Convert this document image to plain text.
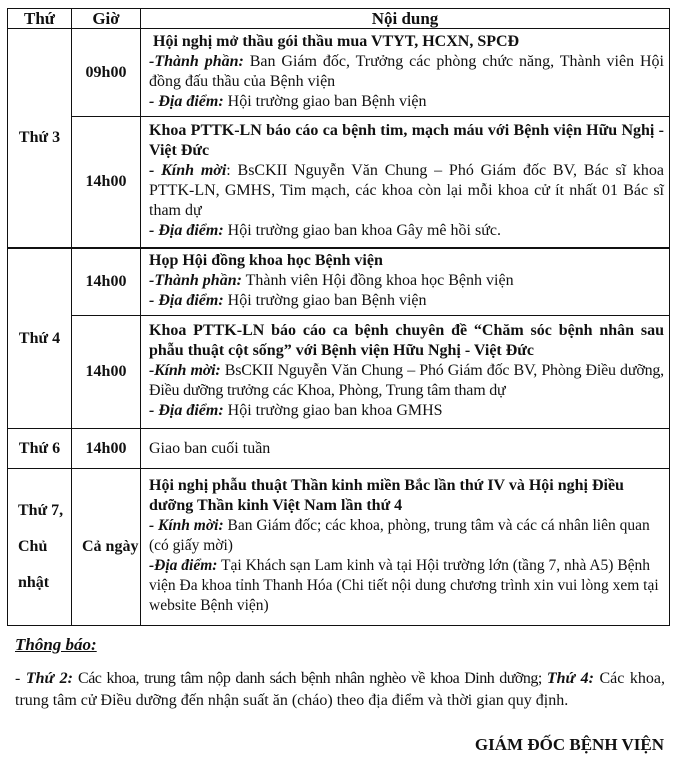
Thứ	Giờ	Nội dung
Thứ 3	09h00	Hội nghị mở thầu gói thầu mua VTYT, HCXN, SPCĐ
-Thành phần: Ban Giám đốc, Trưởng các phòng chức năng, Thành viên Hội đồng đấu thầu của Bệnh viện
- Địa điểm: Hội trường giao ban Bệnh viện

	14h00	Khoa PTTK-LN báo cáo ca bệnh tim, mạch máu với Bệnh viện Hữu Nghị - Việt Đức
- Kính mời: BsCKII Nguyễn Văn Chung – Phó Giám đốc BV, Bác sĩ khoa PTTK-LN, GMHS, Tim mạch, các khoa còn lại mỗi khoa cử ít nhất 01 Bác sĩ tham dự
- Địa điểm: Hội trường giao ban khoa Gây mê hồi sức.

Thứ 4	14h00	Họp Hội đồng khoa học Bệnh viện
-Thành phần: Thành viên Hội đồng khoa học Bệnh viện
- Địa điểm: Hội trường giao ban Bệnh viện

	14h00	Khoa PTTK-LN báo cáo ca bệnh chuyên đề “Chăm sóc bệnh nhân sau phẫu thuật cột sống” với Bệnh viện Hữu Nghị - Việt Đức
-Kính mời: BsCKII Nguyễn Văn Chung – Phó Giám đốc BV, Phòng Điều dưỡng, Điều dưỡng trưởng các Khoa, Phòng, Trung tâm tham dự
- Địa điểm: Hội trường giao ban khoa GMHS

Thứ 6	14h00	Giao ban cuối tuần
Thứ 7, Chủ nhật	Cả ngày	Hội nghị phẫu thuật Thần kinh miền Bắc lần thứ IV và Hội nghị Điều dưỡng Thần kinh Việt Nam lần thứ 4
- Kính mời: Ban Giám đốc; các khoa, phòng, trung tâm và các cá nhân liên quan (có giấy mời)
-Địa điểm: Tại Khách sạn Lam kinh và tại Hội trường lớn (tầng 7, nhà A5) Bệnh viện Đa khoa tỉnh Thanh Hóa (Chi tiết nội dung chương trình xin vui lòng xem tại website Bệnh viện)
Thông báo:
- Thứ 2: Các khoa, trung tâm nộp danh sách bệnh nhân nghèo về khoa Dinh dưỡng; Thứ 4: Các khoa, trung tâm cử Điều dưỡng đến nhận suất ăn (cháo) theo địa điểm và thời gian quy định.
GIÁM ĐỐC BỆNH VIỆN
